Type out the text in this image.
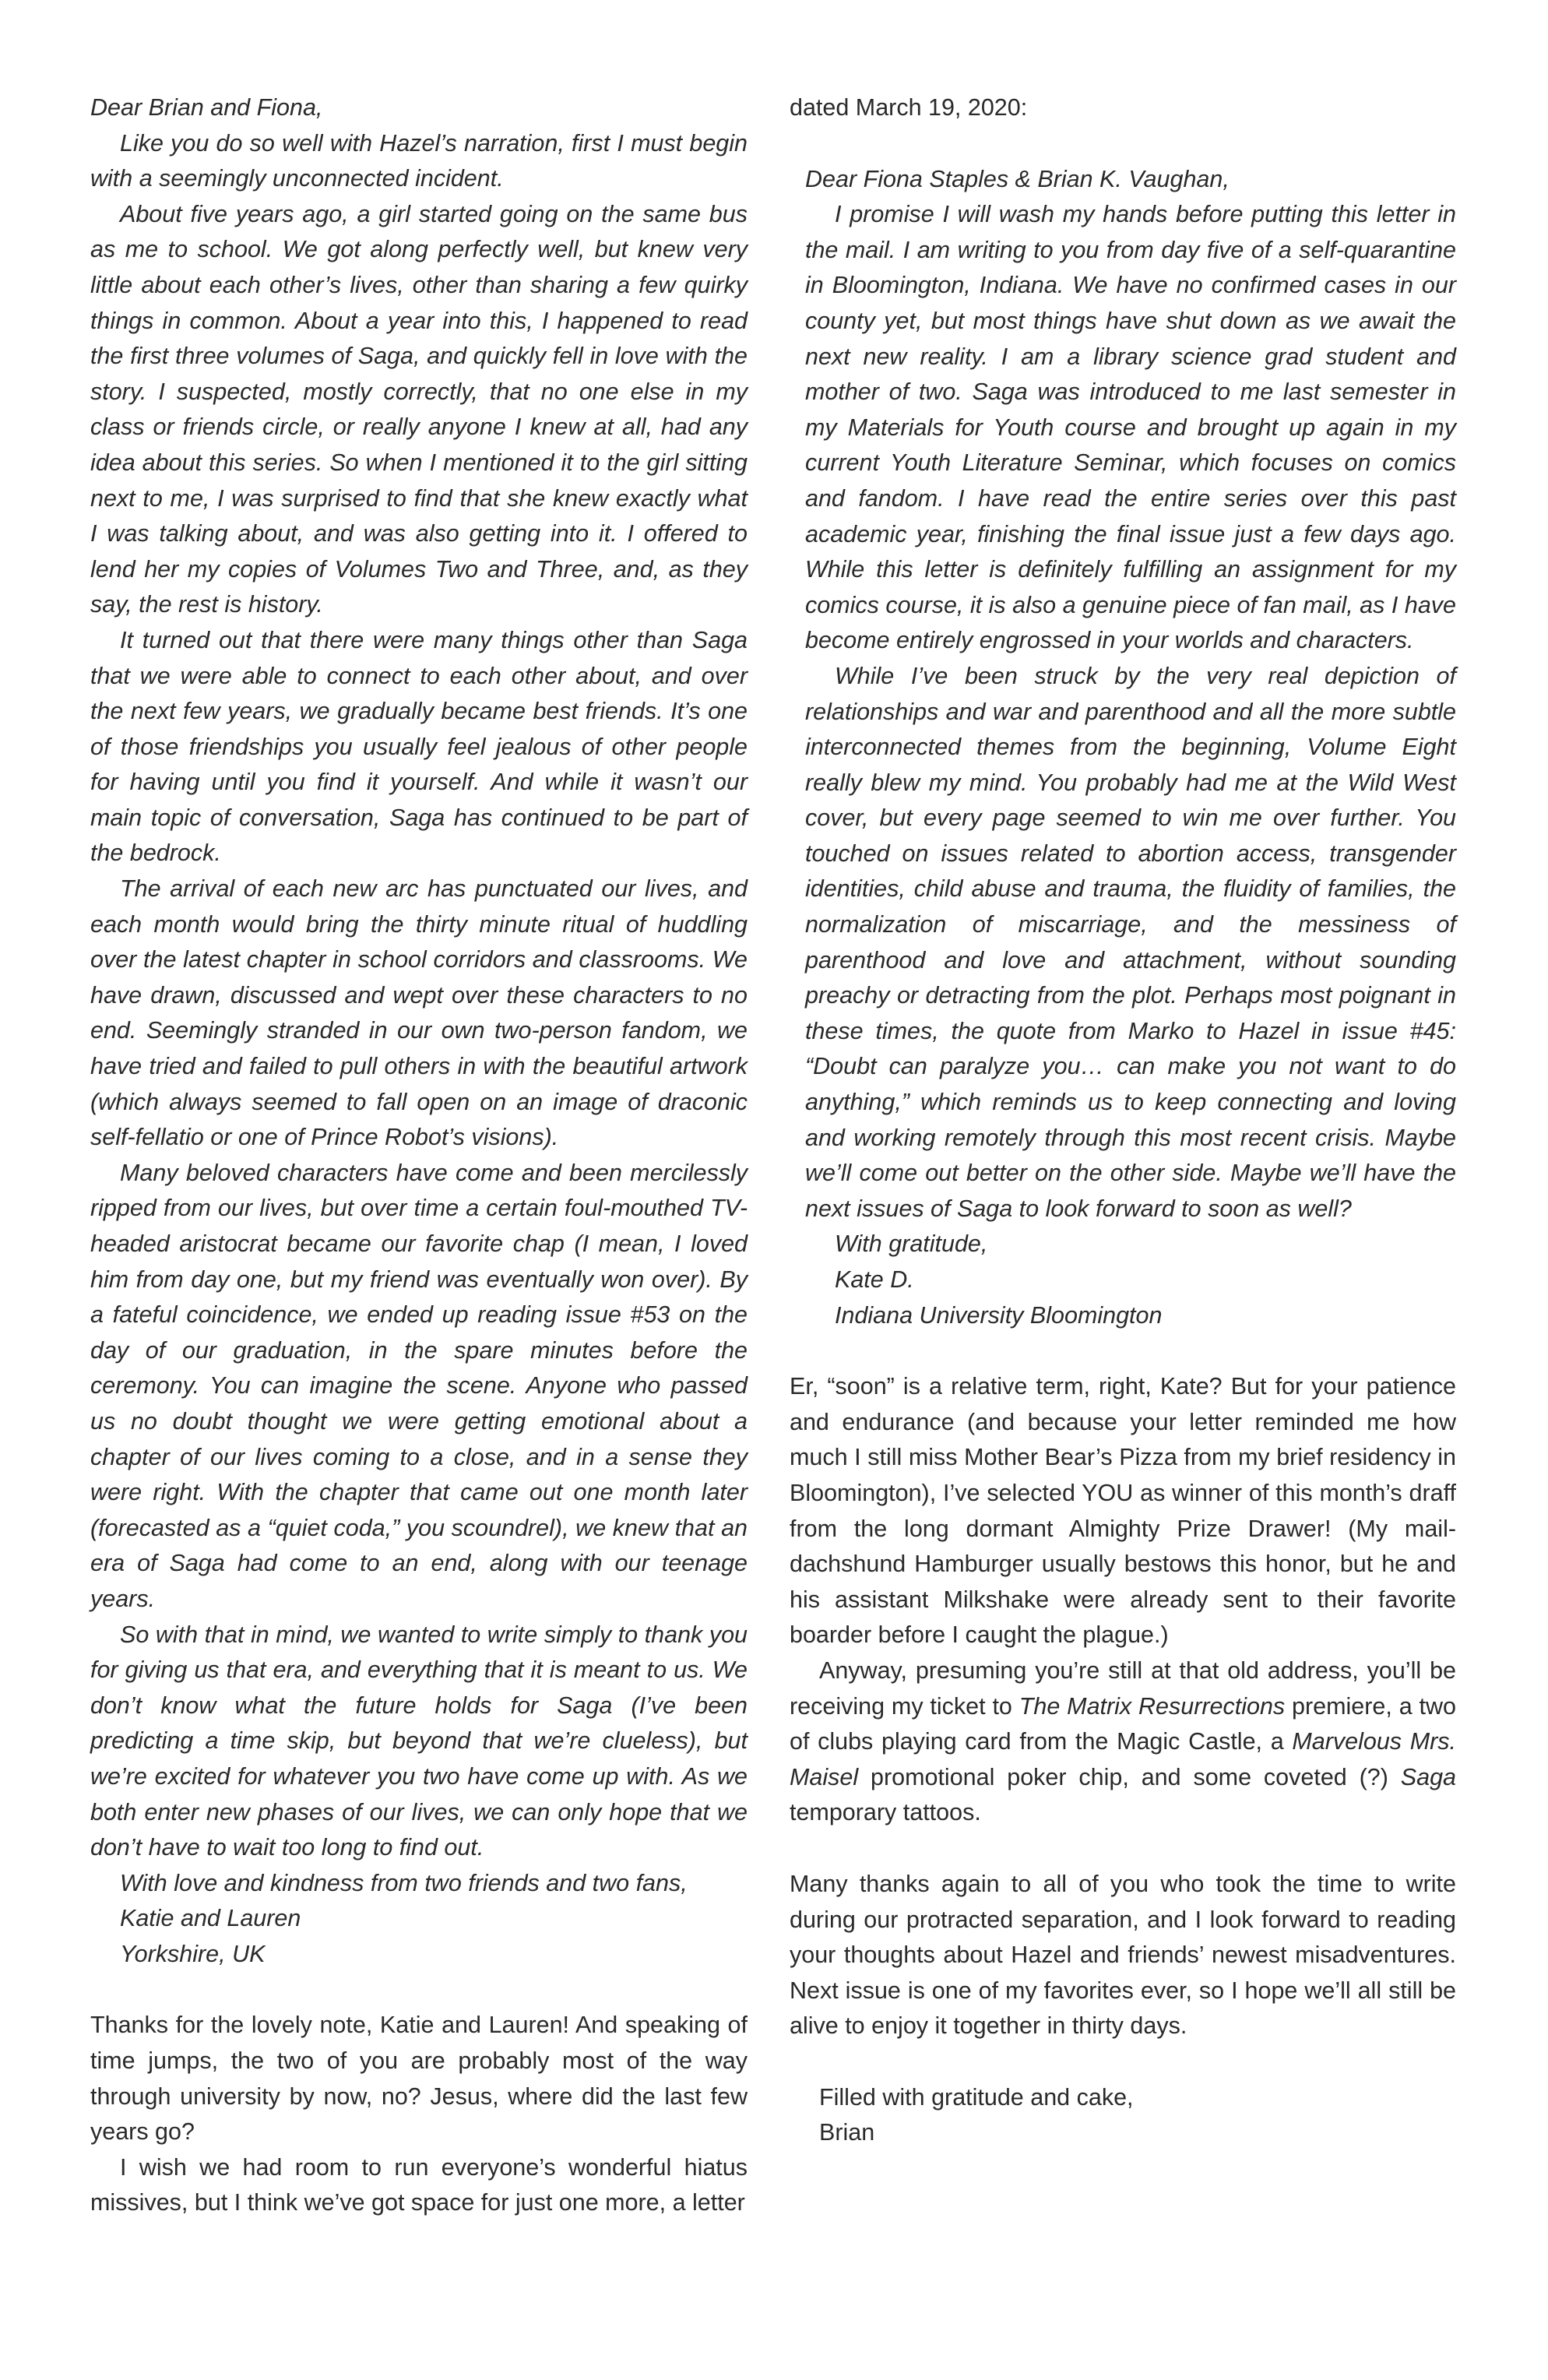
Dear Brian and Fiona,

Like you do so well with Hazel’s narration, first I must begin with a seemingly unconnected incident.

About five years ago, a girl started going on the same bus as me to school. We got along perfectly well, but knew very little about each other’s lives, other than sharing a few quirky things in common. About a year into this, I happened to read the first three volumes of Saga, and quickly fell in love with the story. I suspected, mostly correctly, that no one else in my class or friends circle, or really anyone I knew at all, had any idea about this series. So when I mentioned it to the girl sitting next to me, I was surprised to find that she knew exactly what I was talking about, and was also getting into it. I offered to lend her my copies of Volumes Two and Three, and, as they say, the rest is history.

It turned out that there were many things other than Saga that we were able to connect to each other about, and over the next few years, we gradually became best friends. It’s one of those friendships you usually feel jealous of other people for having until you find it yourself. And while it wasn’t our main topic of conversation, Saga has continued to be part of the bedrock.

The arrival of each new arc has punctuated our lives, and each month would bring the thirty minute ritual of huddling over the latest chapter in school corridors and classrooms. We have drawn, discussed and wept over these characters to no end. Seemingly stranded in our own two-person fandom, we have tried and failed to pull others in with the beautiful artwork (which always seemed to fall open on an image of draconic self-fellatio or one of Prince Robot’s visions).

Many beloved characters have come and been mercilessly ripped from our lives, but over time a certain foul-mouthed TV-headed aristocrat became our favorite chap (I mean, I loved him from day one, but my friend was eventually won over). By a fateful coincidence, we ended up reading issue #53 on the day of our graduation, in the spare minutes before the ceremony. You can imagine the scene. Anyone who passed us no doubt thought we were getting emotional about a chapter of our lives coming to a close, and in a sense they were right. With the chapter that came out one month later (forecasted as a “quiet coda,” you scoundrel), we knew that an era of Saga had come to an end, along with our teenage years.

So with that in mind, we wanted to write simply to thank you for giving us that era, and everything that it is meant to us. We don’t know what the future holds for Saga (I’ve been predicting a time skip, but beyond that we’re clueless), but we’re excited for whatever you two have come up with. As we both enter new phases of our lives, we can only hope that we don’t have to wait too long to find out.

With love and kindness from two friends and two fans,

Katie and Lauren

Yorkshire, UK

Thanks for the lovely note, Katie and Lauren! And speaking of time jumps, the two of you are probably most of the way through university by now, no? Jesus, where did the last few years go?

I wish we had room to run everyone’s wonderful hiatus missives, but I think we’ve got space for just one more, a letter

dated March 19, 2020:

Dear Fiona Staples & Brian K. Vaughan,

I promise I will wash my hands before putting this letter in the mail. I am writing to you from day five of a self-quarantine in Bloomington, Indiana. We have no confirmed cases in our county yet, but most things have shut down as we await the next new reality. I am a library science grad student and mother of two. Saga was introduced to me last semester in my Materials for Youth course and brought up again in my current Youth Literature Seminar, which focuses on comics and fandom. I have read the entire series over this past academic year, finishing the final issue just a few days ago. While this letter is definitely fulfilling an assignment for my comics course, it is also a genuine piece of fan mail, as I have become entirely engrossed in your worlds and characters.

While I’ve been struck by the very real depiction of relationships and war and parenthood and all the more subtle interconnected themes from the beginning, Volume Eight really blew my mind. You probably had me at the Wild West cover, but every page seemed to win me over further. You touched on issues related to abortion access, transgender identities, child abuse and trauma, the fluidity of families, the normalization of miscarriage, and the messiness of parenthood and love and attachment, without sounding preachy or detracting from the plot. Perhaps most poignant in these times, the quote from Marko to Hazel in issue #45: “Doubt can paralyze you… can make you not want to do anything,” which reminds us to keep connecting and loving and working remotely through this most recent crisis. Maybe we’ll come out better on the other side. Maybe we’ll have the next issues of Saga to look forward to soon as well?

With gratitude,

Kate D.

Indiana University Bloomington

Er, “soon” is a relative term, right, Kate? But for your patience and endurance (and because your letter reminded me how much I still miss Mother Bear’s Pizza from my brief residency in Bloomington), I’ve selected YOU as winner of this month’s draff from the long dormant Almighty Prize Drawer! (My mail-dachshund Hamburger usually bestows this honor, but he and his assistant Milkshake were already sent to their favorite boarder before I caught the plague.)

Anyway, presuming you’re still at that old address, you’ll be receiving my ticket to The Matrix Resurrections premiere, a two of clubs playing card from the Magic Castle, a Marvelous Mrs. Maisel promotional poker chip, and some coveted (?) Saga temporary tattoos.

Many thanks again to all of you who took the time to write during our protracted separation, and I look forward to reading your thoughts about Hazel and friends’ newest misadventures. Next issue is one of my favorites ever, so I hope we’ll all still be alive to enjoy it together in thirty days.

Filled with gratitude and cake,

Brian
